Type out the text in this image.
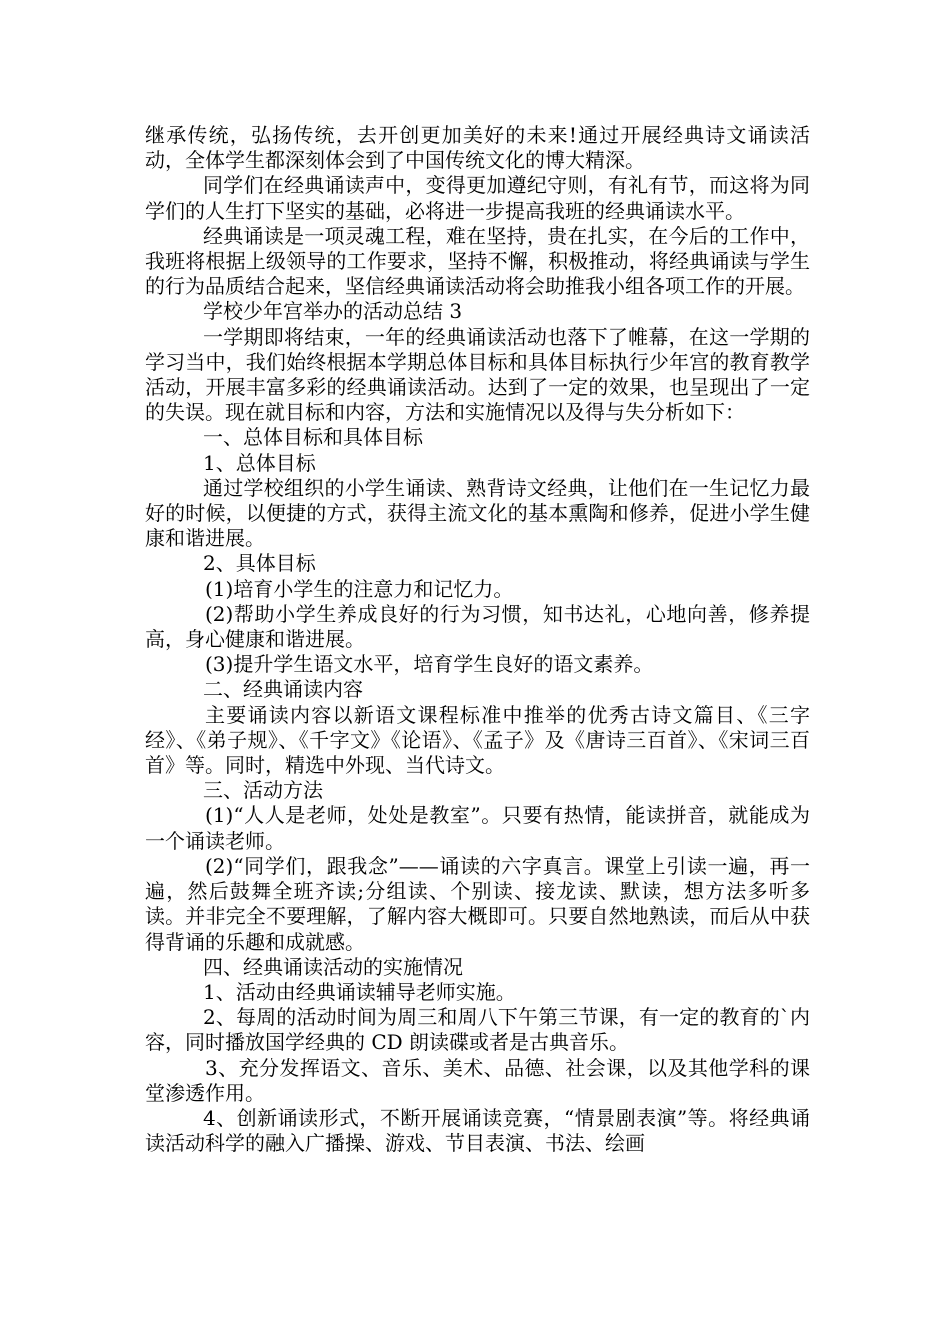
继承传统，弘扬传统，去开创更加美好的未来!通过开展经典诗文诵读活动，全体学生都深刻体会到了中国传统文化的博大精深。

同学们在经典诵读声中，变得更加遵纪守则，有礼有节，而这将为同学们的人生打下坚实的基础，必将进一步提高我班的经典诵读水平。

经典诵读是一项灵魂工程，难在坚持，贵在扎实，在今后的工作中，我班将根据上级领导的工作要求，坚持不懈，积极推动，将经典诵读与学生的行为品质结合起来，坚信经典诵读活动将会助推我小组各项工作的开展。

学校少年宫举办的活动总结 3

一学期即将结束，一年的经典诵读活动也落下了帷幕，在这一学期的学习当中，我们始终根据本学期总体目标和具体目标执行少年宫的教育教学活动，开展丰富多彩的经典诵读活动。达到了一定的效果，也呈现出了一定的失误。现在就目标和内容，方法和实施情况以及得与失分析如下：

一、总体目标和具体目标

1、总体目标

通过学校组织的小学生诵读、熟背诗文经典，让他们在一生记忆力最好的时候，以便捷的方式，获得主流文化的基本熏陶和修养，促进小学生健康和谐进展。

2、具体目标

(1)培育小学生的注意力和记忆力。

(2)帮助小学生养成良好的行为习惯，知书达礼，心地向善，修养提高，身心健康和谐进展。

(3)提升学生语文水平，培育学生良好的语文素养。

二、经典诵读内容

主要诵读内容以新语文课程标准中推举的优秀古诗文篇目、《三字经》、《弟子规》、《千字文》《论语》、《孟子》及《唐诗三百首》、《宋词三百首》等。同时，精选中外现、当代诗文。

三、活动方法

(1)“人人是老师，处处是教室”。只要有热情，能读拼音，就能成为一个诵读老师。

(2)“同学们，跟我念”——诵读的六字真言。课堂上引读一遍，再一遍，然后鼓舞全班齐读;分组读、个别读、接龙读、默读，想方法多听多读。并非完全不要理解，了解内容大概即可。只要自然地熟读，而后从中获得背诵的乐趣和成就感。

四、经典诵读活动的实施情况

1、活动由经典诵读辅导老师实施。

2、每周的活动时间为周三和周八下午第三节课，有一定的教育的`内容，同时播放国学经典的 CD 朗读碟或者是古典音乐。

3、充分发挥语文、音乐、美术、品德、社会课，以及其他学科的课堂渗透作用。

4、创新诵读形式，不断开展诵读竞赛，“情景剧表演”等。将经典诵读活动科学的融入广播操、游戏、节目表演、书法、绘画
